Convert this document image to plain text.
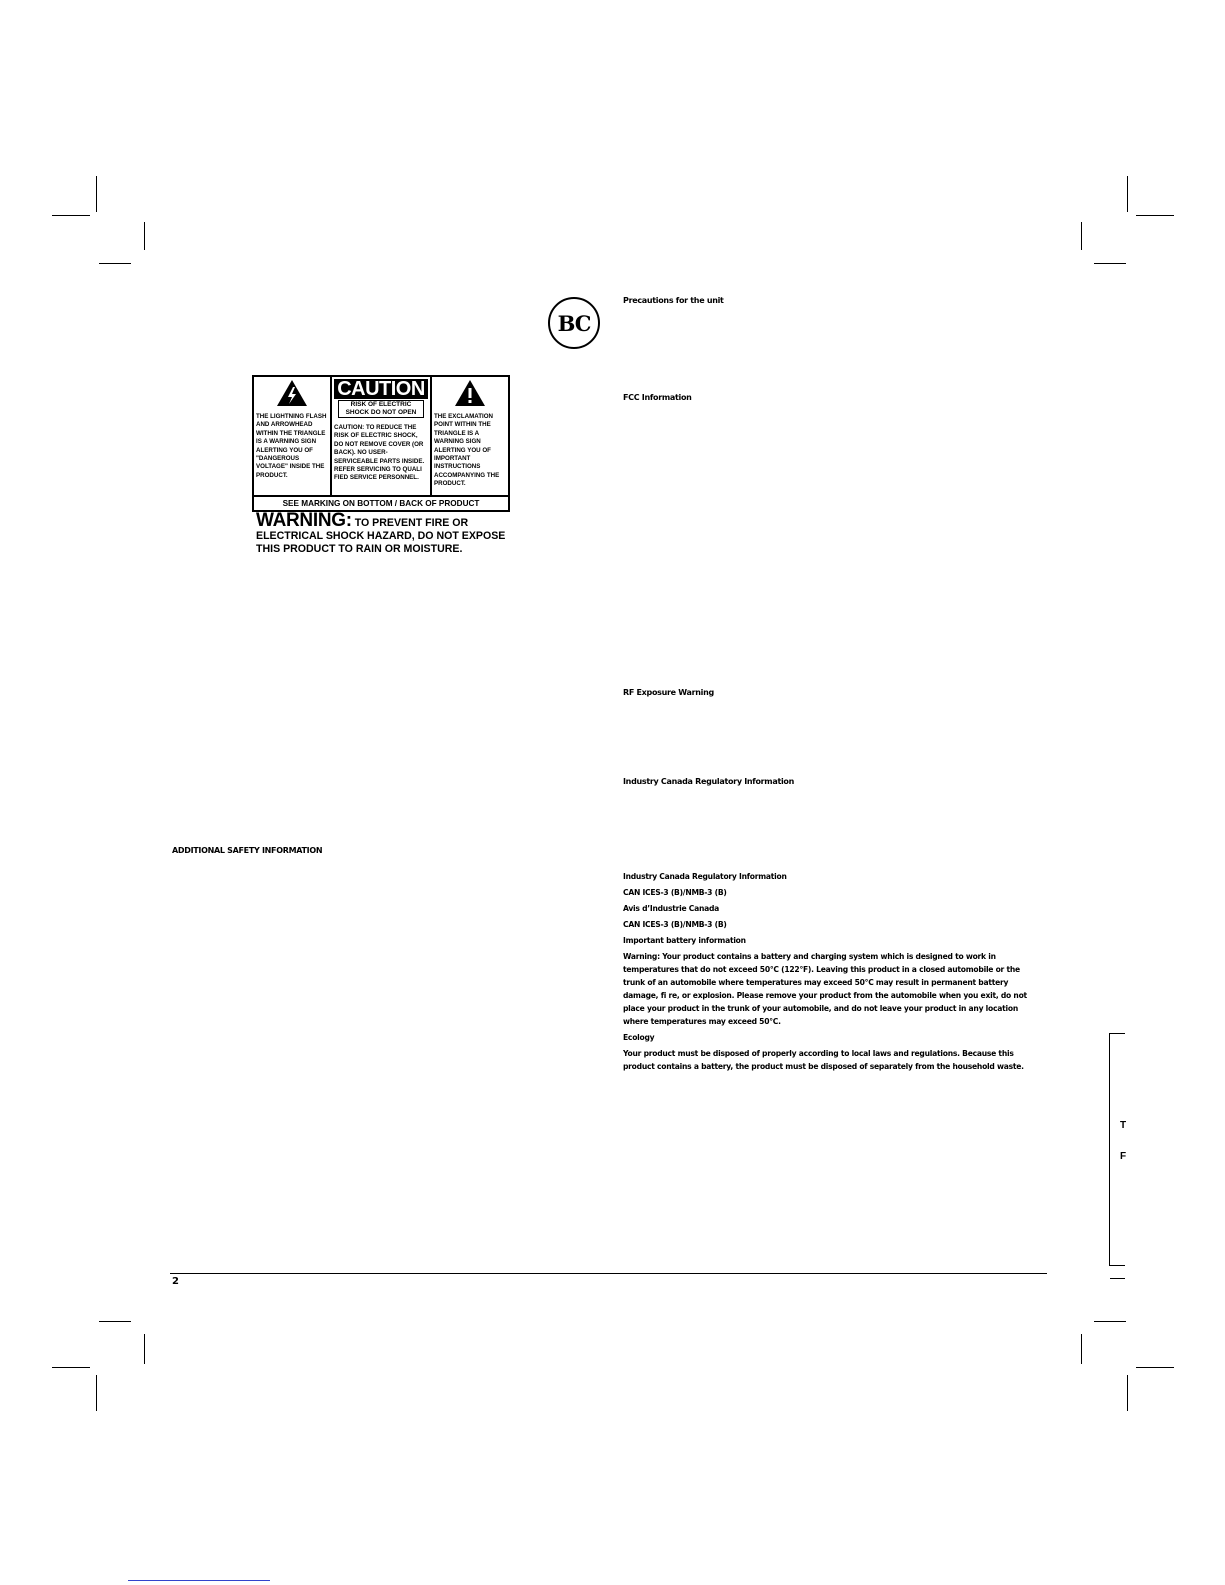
BC
THE LIGHTNING FLASH AND ARROWHEAD WITHIN THE TRIANGLE IS A WARNING SIGN ALERTING YOU OF "DANGEROUS VOLTAGE" INSIDE THE PRODUCT.
CAUTION
RISK OF ELECTRIC SHOCK DO NOT OPEN
CAUTION: TO REDUCE THE RISK OF ELECTRIC SHOCK, DO NOT REMOVE COVER (OR BACK). NO USER-SERVICEABLE PARTS INSIDE. REFER SERVICING TO QUALI FIED SERVICE PERSONNEL.
THE EXCLAMATION POINT WITHIN THE TRIANGLE IS A WARNING SIGN ALERTING YOU OF IMPORTANT INSTRUCTIONS ACCOMPANYING THE PRODUCT.
SEE MARKING ON BOTTOM / BACK OF PRODUCT
WARNING: TO PREVENT FIRE OR ELECTRICAL SHOCK HAZARD, DO NOT EXPOSE THIS PRODUCT TO RAIN OR MOISTURE.
ADDITIONAL SAFETY INFORMATION
Precautions for the unit
FCC Information
RF Exposure Warning
Industry Canada Regulatory Information
Industry Canada Regulatory Information
CAN ICES-3 (B)/NMB-3 (B)
Avis d’Industrie Canada
CAN ICES-3 (B)/NMB-3 (B)
Important battery information
Warning: Your product contains a battery and charging system which is designed to work in
temperatures that do not exceed 50°C (122°F). Leaving this product in a closed automobile or the
trunk of an automobile where temperatures may exceed 50°C may result in permanent battery
damage, fi re, or explosion. Please remove your product from the automobile when you exit, do not
place your product in the trunk of your automobile, and do not leave your product in any location
where temperatures may exceed 50°C.
Ecology
Your product must be disposed of properly according to local laws and regulations. Because this
product contains a battery, the product must be disposed of separately from the household waste.
T
F
2
